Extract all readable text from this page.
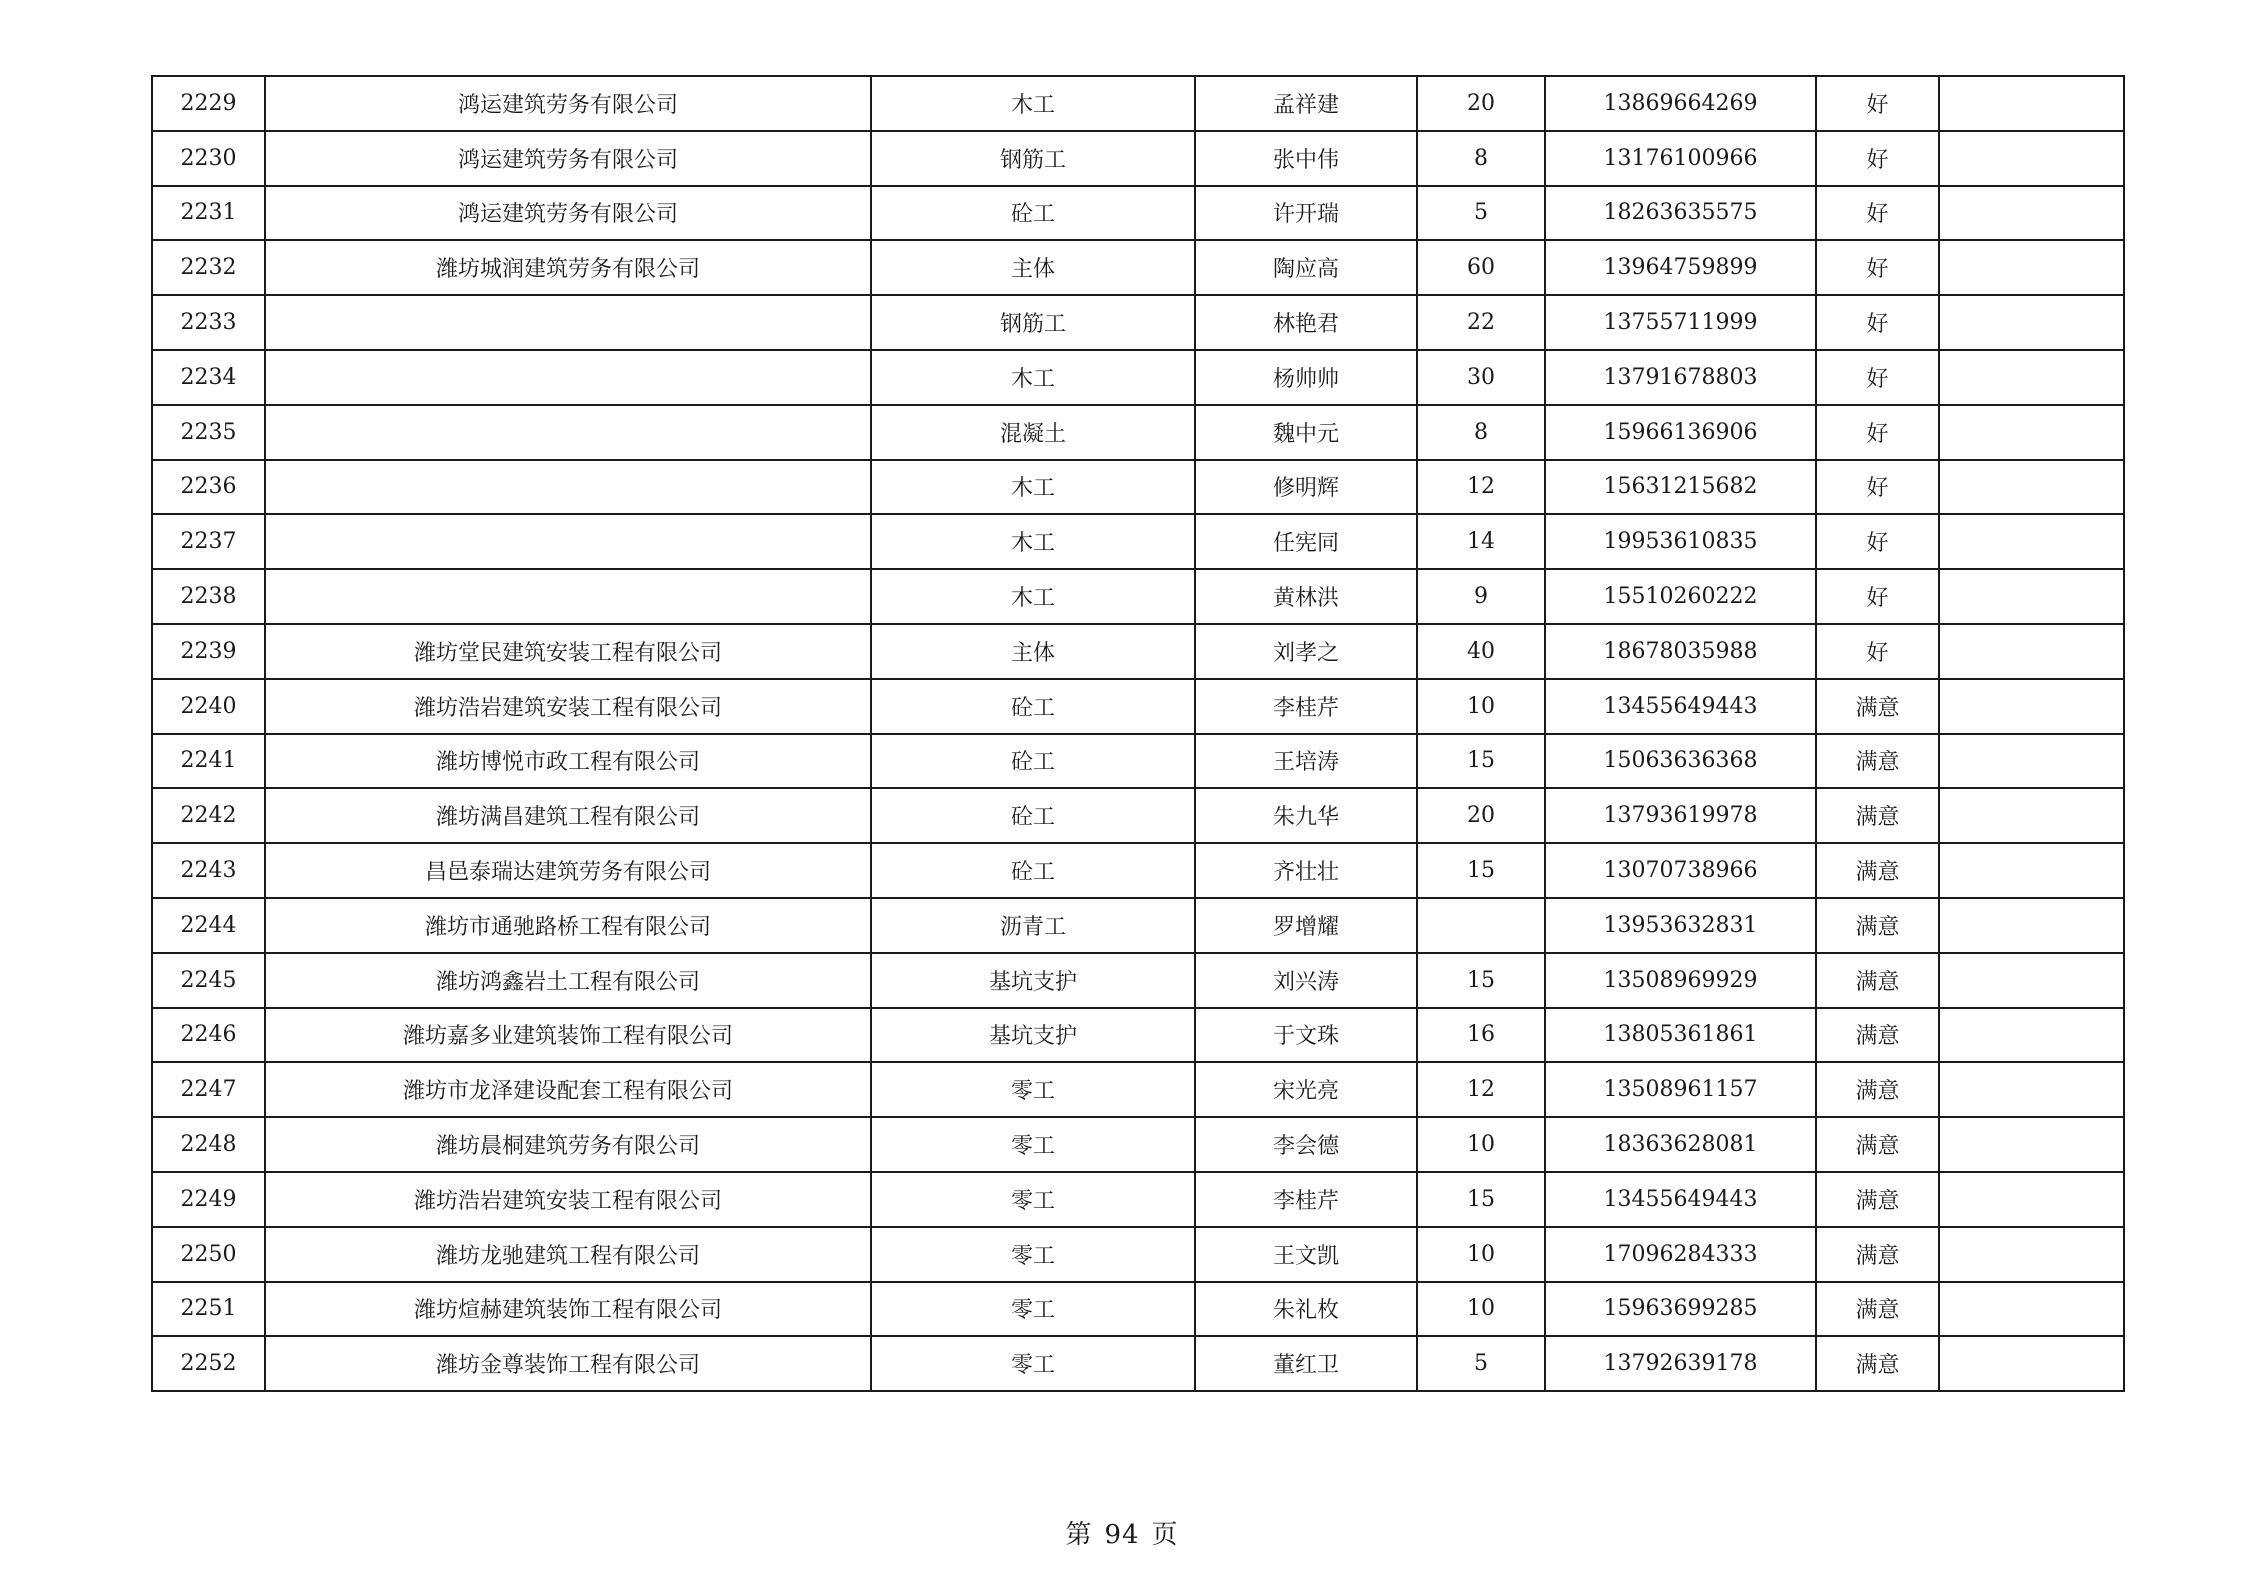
2229	鸿运建筑劳务有限公司	木工	孟祥建	20	13869664269	好	
2230	鸿运建筑劳务有限公司	钢筋工	张中伟	8	13176100966	好	
2231	鸿运建筑劳务有限公司	砼工	许开瑞	5	18263635575	好	
2232	潍坊城润建筑劳务有限公司	主体	陶应高	60	13964759899	好	
2233		钢筋工	林艳君	22	13755711999	好	
2234		木工	杨帅帅	30	13791678803	好	
2235		混凝土	魏中元	8	15966136906	好	
2236		木工	修明辉	12	15631215682	好	
2237		木工	任宪同	14	19953610835	好	
2238		木工	黄林洪	9	15510260222	好	
2239	潍坊堂民建筑安装工程有限公司	主体	刘孝之	40	18678035988	好	
2240	潍坊浩岩建筑安装工程有限公司	砼工	李桂芹	10	13455649443	满意	
2241	潍坊博悦市政工程有限公司	砼工	王培涛	15	15063636368	满意	
2242	潍坊满昌建筑工程有限公司	砼工	朱九华	20	13793619978	满意	
2243	昌邑泰瑞达建筑劳务有限公司	砼工	齐壮壮	15	13070738966	满意	
2244	潍坊市通驰路桥工程有限公司	沥青工	罗增耀		13953632831	满意	
2245	潍坊鸿鑫岩土工程有限公司	基坑支护	刘兴涛	15	13508969929	满意	
2246	潍坊嘉多业建筑装饰工程有限公司	基坑支护	于文珠	16	13805361861	满意	
2247	潍坊市龙泽建设配套工程有限公司	零工	宋光亮	12	13508961157	满意	
2248	潍坊晨桐建筑劳务有限公司	零工	李会德	10	18363628081	满意	
2249	潍坊浩岩建筑安装工程有限公司	零工	李桂芹	15	13455649443	满意	
2250	潍坊龙驰建筑工程有限公司	零工	王文凯	10	17096284333	满意	
2251	潍坊煊赫建筑装饰工程有限公司	零工	朱礼枚	10	15963699285	满意	
2252	潍坊金尊装饰工程有限公司	零工	董红卫	5	13792639178	满意	
第 94 页
